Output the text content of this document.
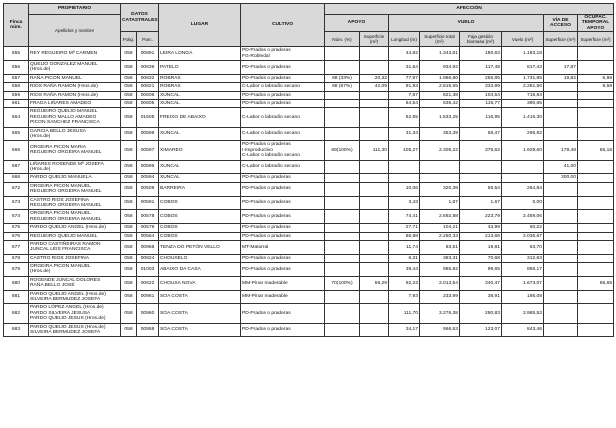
Finca núm.	PROPIETARIO	DATOS CATASTRALES		LUGAR	CULTIVO	AFECCIÓN							
	Apellidos y nombre					APOYO		VUELO				VÍA DE ACCESO	OCUPAC. TEMPORAL APOYO
		Polig.	Parc.			Núm. (%)	Superficie (m²)	Longitud (m)	Superficie total (m²)	Faja gestión biomasa (m²)	Vuelo (m²)	Superficie (m²)	Superficie (m²)
655	REY REGUEIRO Mª CARMEN	058	00891	LEIRA LONGA	PD-Prados o praderas
FG-Robledal			44,82	1.343,81	180,63	1.183,18		
656	QUEIJO GONZALEZ MANUEL
(Hros.de)	058	00839	PATELO	PD-Prados o praderas			31,54	934,92	117,48	817,43	17,87	
657	RAÑA PICON MANUEL	058	00832	ROBRAS	PD-Prados o praderas	68 (33%)	20,32	77,97	1.986,80	255,85	1.731,95	19,82	5,86
658	RIOS RAÑA RAMON (Hros.de)	058	00821	ROBRAS	C-Labor o labradío secano	68 (67%)	42,09	91,93	2.615,55	333,99	2.281,56		9,58
659	RIOS RAÑA RAMON (Hros.de)	058	00606	XUNCAL	PD-Prados o praderas			7,67	821,38	104,54	716,84		
661	FRAGA LIÑARES AMADEO	058	00605	XUNCAL	PD-Prados o praderas			64,54	635,42	115,77	390,65		
664	REGUEIRO QUEIJO MANUEL
REGUEIRO MALLO AMADEO
PICON SANCHEZ FRANCISCA	058	01505	FREIXO DE ABAIXO	C-Labor o labradío secano			62,55	1.533,25	116,95	1.416,30		
665	GARCIA BELLO JESUSA
(Hros.de)	058	00599	XUNCAL	C-Labor o labradío secano			31,34	353,39	56,47	296,92		
666	ORGEIRA PICON MARIA
REGUEIRO ORGEIRA MANUEL	058	00597	XIMAREO	PD-Prados o praderas
I-Improductivo
C-Labor o labradío secano	69(100%)	111,30	105,27	2.305,22	375,62	1.929,60	179,48	65,16
667	LIÑARES ROSENDE Mª JOSEFA
(Hros.de)	058	00596	XUNCAL	C-Labor o labradío secano							41,00	
668	PARDO QUEIJO MANUELA	058	00594	XUNCAL	PD-Prados o praderas							300,00	
672	ORGEIRA PICON MANUEL
REGUEIRO ORGEIRA MANUEL	058	00509	BARREIRA	PD-Prados o praderas			10,06	320,38	55,54	264,84		
673	CASTRO RIOS JOSEFINA
REGUEIRO ORGEIRA MANUEL	058	00591	COBOS	PD-Prados o praderas			3,43	1,67	1,67	0,00		
674	ORGEIRA PICON MANUEL
REGUEIRO ORGEIRA MANUEL	058	00578	COBOS	PD-Prados o praderas			74,41	2.692,88	223,79	2.469,06		
675	PARDO QUEIJO ANGEL (Hros.de)	058	00579	COBOS	PD-Prados o praderas			27,71	104,21	43,99	60,22		
676	REGUEIRO QUEIJO MANUEL	058	00564	COBOS	PD-Prados o praderas			66,88	2.250,33	213,66	2.036,67		
677	PARDO CASTIÑEIRAS RAMON
JUNCAL LEIS FRANCISCA	058	00968	TENZA DO PETÓN VELLO	MT-Matorral			11,74	83,51	19,81	63,70		
678	CASTRO RIOS JOSEFINA	058	00824	CHOUSELO	PD-Prados o praderas			6,31	383,31	70,68	312,63		
679	ORGEIRA PICON MANUEL
(Hros.de)	058	01003	ABAIXO DA CASA	PD-Prados o praderas			39,44	965,82	99,65	866,17		
680	ROGENDE JUNCAL DOLORES
RAÑA BELLO JOSÉ	058	00622	CHOUSA NOVA	MM-Pinar maderable	70(100%)	59,29	92,23	2.013,54	340,47	1.673,07		65,65
681	PARDO QUEIJO ANGEL (Hros.de)
SILVEIRA BERMUDEZ JOSEFA	058	00961	SOA COSTA	MM-Pinar maderable			7,93	233,99	38,91	195,08		
682	PARDO LÓPEZ ANGEL (Hros.de)
PARDO SILVEIRA JESUSA
PARDO QUEIJO JESUS (Hros.de)	058	00960	SOA COSTA	PD-Prados o praderas			111,70	3.276,38	290,83	2.985,53		
683	PARDO QUEIJO JESUS (Hros.de)
SILVEIRA BERMUDEZ JOSEFA	058	00959	SOA COSTA	PD-Prados o praderas			34,17	966,53	123,07	843,46		
